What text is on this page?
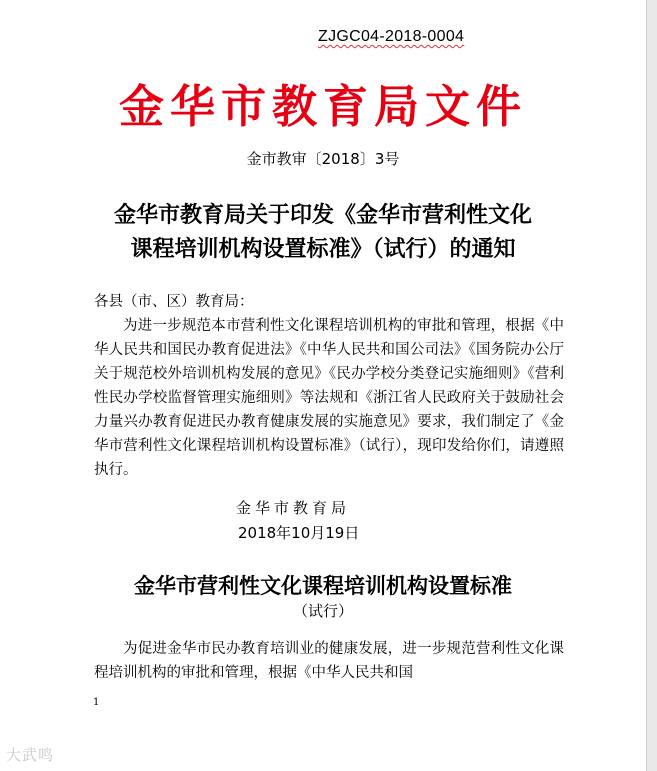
ZJGC04-2018-0004
金华市教育局文件
金市教审〔2018〕3号
金华市教育局关于印发《金华市营利性文化
课程培训机构设置标准》（试行）的通知
各县（市、区）教育局：
为进一步规范本市营利性文化课程培训机构的审批和管理，根据《中华人民共和国民办教育促进法》《中华人民共和国公司法》《国务院办公厅关于规范校外培训机构发展的意见》《民办学校分类登记实施细则》《营利性民办学校监督管理实施细则》等法规和《浙江省人民政府关于鼓励社会力量兴办教育促进民办教育健康发展的实施意见》要求，我们制定了《金华市营利性文化课程培训机构设置标准》（试行），现印发给你们，请遵照执行。
金华市教育局
2018年10月19日
金华市营利性文化课程培训机构设置标准
（试行）
为促进金华市民办教育培训业的健康发展，进一步规范营利性文化课程培训机构的审批和管理，根据《中华人民共和国
1
大武鸣
